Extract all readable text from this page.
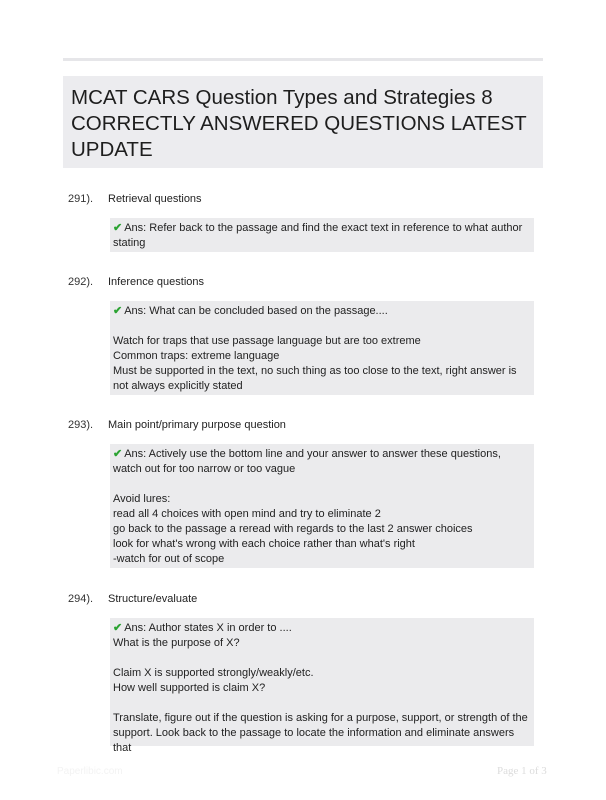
MCAT CARS Question Types and Strategies 8 CORRECTLY ANSWERED QUESTIONS LATEST UPDATE
291). Retrieval questions

✔ Ans: Refer back to the passage and find the exact text in reference to what author stating

292). Inference questions

✔ Ans: What can be concluded based on the passage....

Watch for traps that use passage language but are too extreme

Common traps: extreme language

Must be supported in the text, no such thing as too close to the text, right answer is not always explicitly stated

293). Main point/primary purpose question

✔ Ans: Actively use the bottom line and your answer to answer these questions, watch out for too narrow or too vague

Avoid lures:

read all 4 choices with open mind and try to eliminate 2

go back to the passage a reread with regards to the last 2 answer choices

look for what's wrong with each choice rather than what's right

-watch for out of scope

294). Structure/evaluate

✔ Ans: Author states X in order to ....

What is the purpose of X?

Claim X is supported strongly/weakly/etc.

How well supported is claim X?

Translate, figure out if the question is asking for a purpose, support, or strength of the support. Look back to the passage to locate the information and eliminate answers that

Paperlibic.com	Page 1 of 3
